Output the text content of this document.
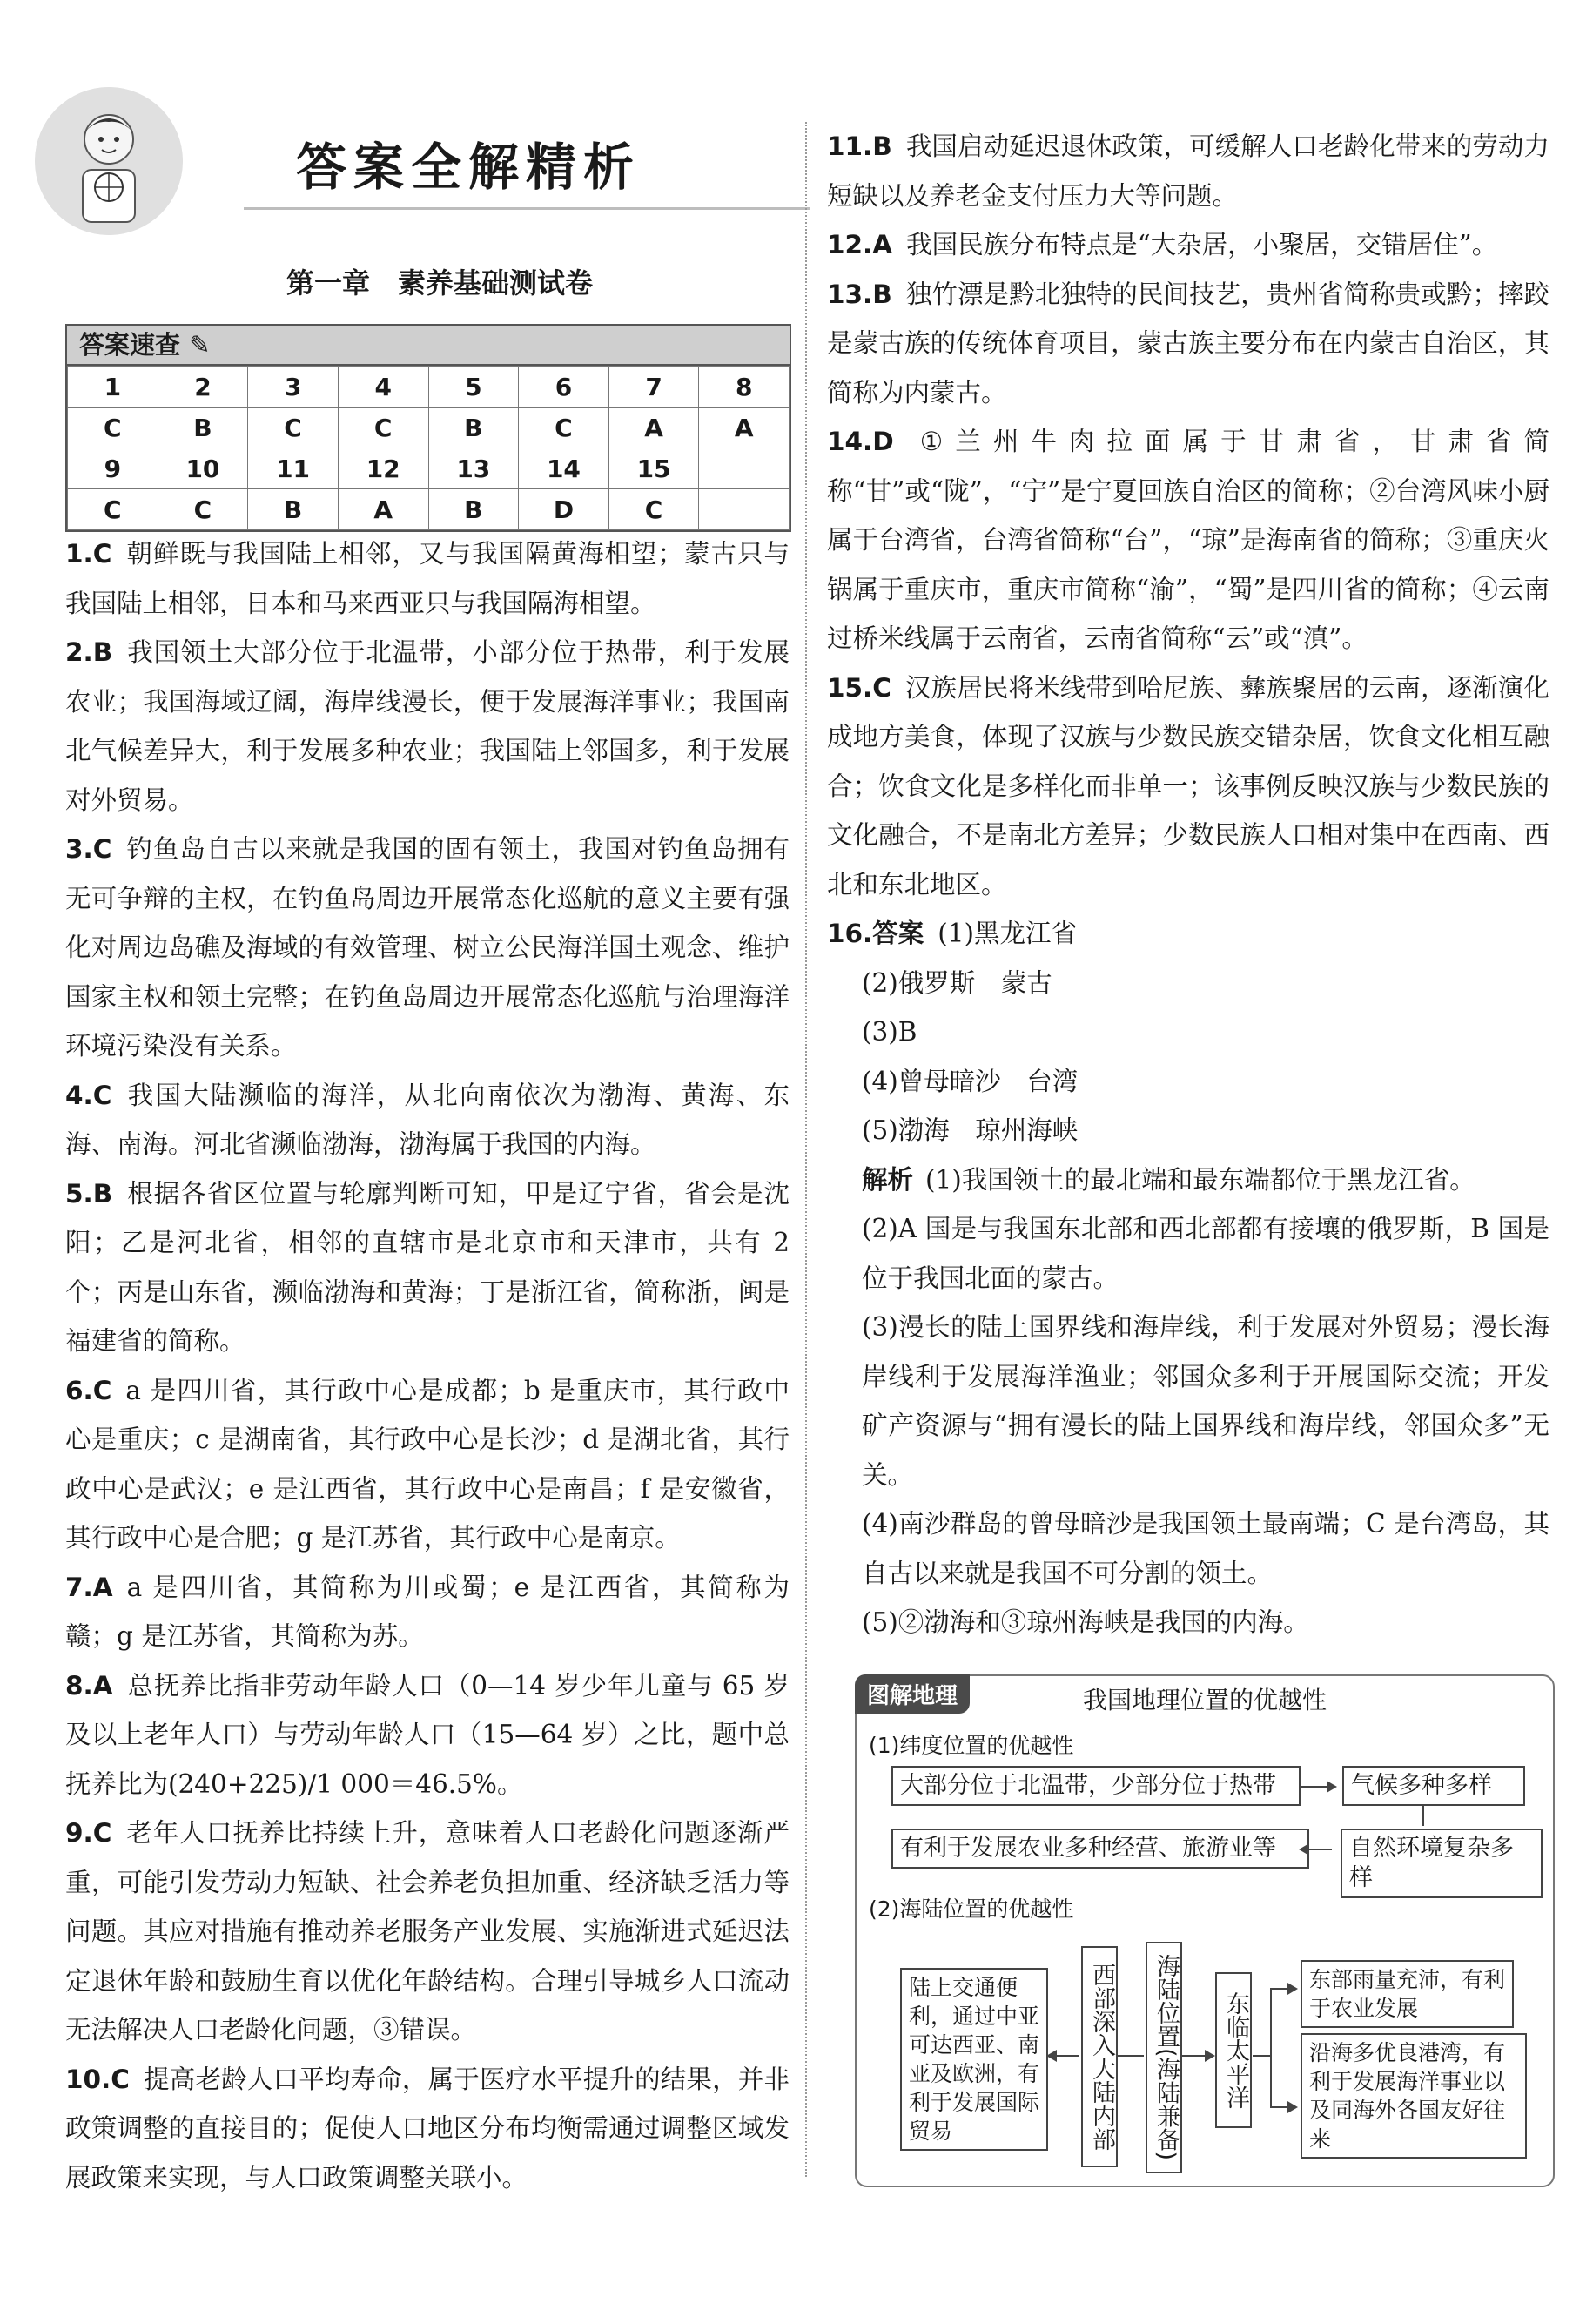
答案全解精析
第一章　素养基础测试卷
答案速查 ✎
1	2	3	4	5	6	7	8
C	B	C	C	B	C	A	A
9	10	11	12	13	14	15	
C	C	B	A	B	D	C	

1.C 朝鲜既与我国陆上相邻，又与我国隔黄海相望；蒙古只与我国陆上相邻，日本和马来西亚只与我国隔海相望。

2.B 我国领土大部分位于北温带，小部分位于热带，利于发展农业；我国海域辽阔，海岸线漫长，便于发展海洋事业；我国南北气候差异大，利于发展多种农业；我国陆上邻国多，利于发展对外贸易。

3.C 钓鱼岛自古以来就是我国的固有领土，我国对钓鱼岛拥有无可争辩的主权，在钓鱼岛周边开展常态化巡航的意义主要有强化对周边岛礁及海域的有效管理、树立公民海洋国土观念、维护国家主权和领土完整；在钓鱼岛周边开展常态化巡航与治理海洋环境污染没有关系。

4.C 我国大陆濒临的海洋，从北向南依次为渤海、黄海、东海、南海。河北省濒临渤海，渤海属于我国的内海。

5.B 根据各省区位置与轮廓判断可知，甲是辽宁省，省会是沈阳；乙是河北省，相邻的直辖市是北京市和天津市，共有 2 个；丙是山东省，濒临渤海和黄海；丁是浙江省，简称浙，闽是福建省的简称。

6.C a 是四川省，其行政中心是成都；b 是重庆市，其行政中心是重庆；c 是湖南省，其行政中心是长沙；d 是湖北省，其行政中心是武汉；e 是江西省，其行政中心是南昌；f 是安徽省，其行政中心是合肥；g 是江苏省，其行政中心是南京。

7.A a 是四川省，其简称为川或蜀；e 是江西省，其简称为赣；g 是江苏省，其简称为苏。

8.A 总抚养比指非劳动年龄人口（0—14 岁少年儿童与 65 岁及以上老年人口）与劳动年龄人口（15—64 岁）之比，题中总抚养比为(240+225)/1 000＝46.5%。

9.C 老年人口抚养比持续上升，意味着人口老龄化问题逐渐严重，可能引发劳动力短缺、社会养老负担加重、经济缺乏活力等问题。其应对措施有推动养老服务产业发展、实施渐进式延迟法定退休年龄和鼓励生育以优化年龄结构。合理引导城乡人口流动无法解决人口老龄化问题，③错误。

10.C 提高老龄人口平均寿命，属于医疗水平提升的结果，并非政策调整的直接目的；促使人口地区分布均衡需通过调整区域发展政策来实现，与人口政策调整关联小。

11.B 我国启动延迟退休政策，可缓解人口老龄化带来的劳动力短缺以及养老金支付压力大等问题。

12.A 我国民族分布特点是“大杂居，小聚居，交错居住”。

13.B 独竹漂是黔北独特的民间技艺，贵州省简称贵或黔；摔跤是蒙古族的传统体育项目，蒙古族主要分布在内蒙古自治区，其简称为内蒙古。

14.D ①兰州牛肉拉面属于甘肃省，甘肃省简称“甘”或“陇”，“宁”是宁夏回族自治区的简称；②台湾风味小厨属于台湾省，台湾省简称“台”，“琼”是海南省的简称；③重庆火锅属于重庆市，重庆市简称“渝”，“蜀”是四川省的简称；④云南过桥米线属于云南省，云南省简称“云”或“滇”。

15.C 汉族居民将米线带到哈尼族、彝族聚居的云南，逐渐演化成地方美食，体现了汉族与少数民族交错杂居，饮食文化相互融合；饮食文化是多样化而非单一；该事例反映汉族与少数民族的文化融合，不是南北方差异；少数民族人口相对集中在西南、西北和东北地区。

16.答案 (1)黑龙江省

(2)俄罗斯　蒙古

(3)B

(4)曾母暗沙　台湾

(5)渤海　琼州海峡

解析 (1)我国领土的最北端和最东端都位于黑龙江省。

(2)A 国是与我国东北部和西北部都有接壤的俄罗斯，B 国是位于我国北面的蒙古。

(3)漫长的陆上国界线和海岸线，利于发展对外贸易；漫长海岸线利于发展海洋渔业；邻国众多利于开展国际交流；开发矿产资源与“拥有漫长的陆上国界线和海岸线，邻国众多”无关。

(4)南沙群岛的曾母暗沙是我国领土最南端；C 是台湾岛，其自古以来就是我国不可分割的领土。

(5)②渤海和③琼州海峡是我国的内海。

图解地理	我国地理位置的优越性
(1)纬度位置的优越性
大部分位于北温带，少部分位于热带	气候多种多样
有利于发展农业多种经营、旅游业等	自然环境复杂多样
(2)海陆位置的优越性
陆上交通便利，通过中亚可达西亚、南亚及欧洲，有利于发展国际贸易	西部深入大陆内部 海陆位置(海陆兼备) 东临太平洋
东部雨量充沛，有利于农业发展
沿海多优良港湾，有利于发展海洋事业以及同海外各国友好往来
